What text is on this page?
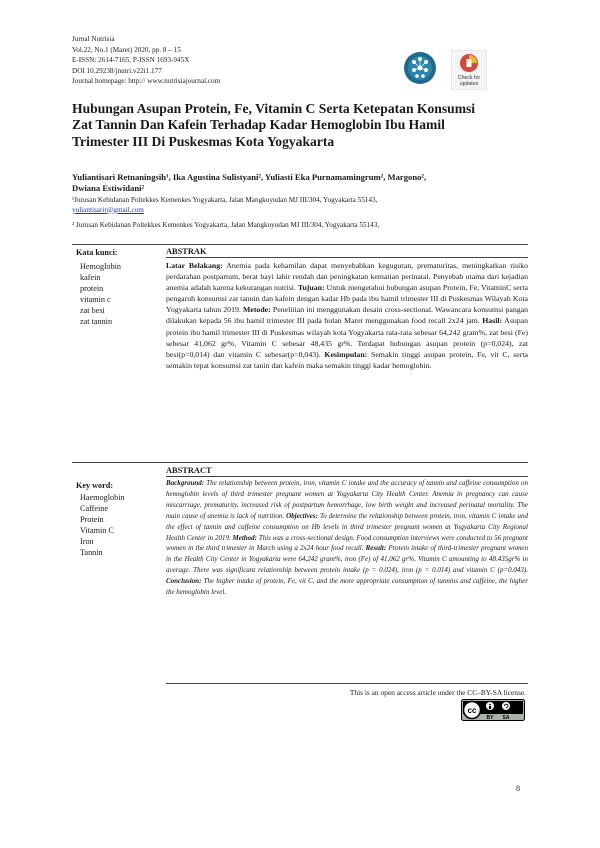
Jurnal Nutrisia
Vol.22, No.1 (Maret) 2020, pp. 8 – 15
E-ISSN: 2614-7165, P-ISSN 1693-945X
DOI 10.29238/jnutri.v22i1.177
Journal homepage: http:// www.nutrisiajournal.com	Check for
updates
Hubungan Asupan Protein, Fe, Vitamin C Serta Ketepatan Konsumsi
Zat Tannin Dan Kafein Terhadap Kadar Hemoglobin Ibu Hamil
Trimester III Di Puskesmas Kota Yogyakarta
Yuliantisari Retnaningsih¹, Ika Agustina Sulistyani², Yuliasti Eka Purnamamingrum², Margono²,
Dwiana Estiwidani²
¹Jurusan Kebidanan Poltekkes Kemenkes Yogyakarta, Jalan Mangkuyudan MJ III/304, Yogyakarta 55143,
yuliantisarir@gmail.com
² Jurusan Kebidanan Poltekkes Kemenkes Yogyakarta, Jalan Mangkuyudan MJ III/304, Yogyakarta 55143,
Kata kunci:
Hemoglobin
kafein
protein
vitamin c
zat besi
zat tannin
ABSTRAK
Latar Belakang: Anemia pada kehamilan dapat menyebabkan keguguran, prematuritas, meningkatkan risiko perdarahan postpartum, berat bayi lahir rendah dan peningkatan kematian perinatal. Penyebab utama dari kejadian anemia adalah karena kekurangan nutrisi. Tujuan: Untuk mengetahui hubungan asupan Protein, Fe, VitaminC serta pengaruh konsumsi zat tannin dan kafein dengan kadar Hb pada ibu hamil trimester III di Puskesmas Wilayah Kota Yogyakarta tahun 2019. Metode: Penelitian ini menggunakan desain cross-sectional. Wawancara konsumsi pangan dilakukan kepada 56 ibu hamil trimester III pada bulan Maret menggunakan food recall 2x24 jam. Hasil: Asupan protein ibu hamil trimester III di Puskesmas wilayah kota Yogyakarta rata-rata sebesar 64,242 gram%, zat besi (Fe) sebesar 41,062 gr%, Vitamin C sebesar 48,435 gr%. Terdapat hubungan asupan protein (p=0,024), zat besi(p=0,014) dan vitamin C sebesar(p=0,043). Kesimpulan: Semakin tinggi asupan protein, Fe, vit C, serta semakin tepat konsumsi zat tanin dan kafein maka semakin tinggi kadar hemoglobin.
Key word:
Haemoglobin
Caffeine
Protein
Vitamin C
Iron
Tannin
ABSTRACT
Background: The relationship between protein, iron, vitamin C intake and the accuracy of tannin and caffeine consumption on hemoglobin levels of third trimester pregnant women at Yogyakarta City Health Center. Anemia in pregnancy can cause miscarriage, prematurity, increased risk of postpartum hemorrhage, low birth weight and increased perinatal mortality. The main cause of anemia is lack of nutrition. Objectives: To determine the relationship between protein, iron, vitamin C intake and the effect of tannin and caffeine consumption on Hb levels in third trimester pregnant women at Yogyakarta City Regional Health Center in 2019. Method: This was a cross-sectional design. Food consumption interviews were conducted to 56 pregnant women in the third trimester in March using a 2x24 hour food recall. Result: Protein intake of third-trimester pregnant women in the Health City Center in Yogyakarta were 64,242 gram%, iron (Fe) of 41,062 gr%, Vitamin C amounting to 48.435gr% in average. There was significant relationship between protein intake (p = 0.024), iron (p = 0.014) and vitamin C (p=0.043). Conclusion: The higher intake of protein, Fe, vit C, and the more appropriate consumption of tannins and caffeine, the higher the hemoglobin level.
This is an open access article under the CC–BY-SA license.
cc
BY SA
8
